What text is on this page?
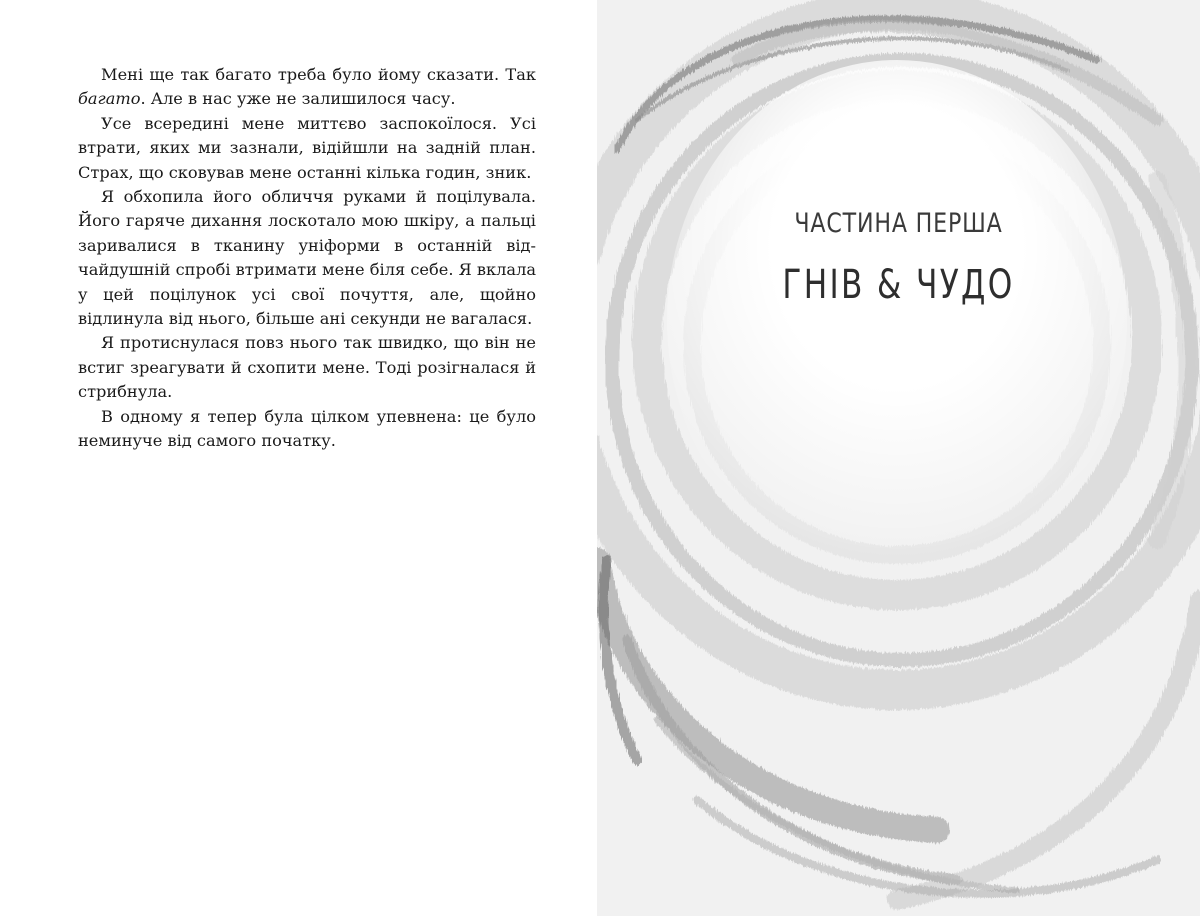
Мені ще так багато треба було йому сказати. Так багато. Але в нас уже не залишилося часу.

Усе всередині мене миттєво заспокоїлося. Усі втрати, яких ми зазнали, відійшли на задній план. Страх, що сковував мене останні кілька годин, зник.

Я обхопила його обличчя руками й поцілувала. Його гаряче дихання лоскотало мою шкіру, а пальці заривалися в тканину уніформи в останній відчайдушній спробі втримати мене біля себе. Я вклала у цей поцілунок усі свої почуття, але, щойно відлинула від нього, більше ані секунди не вагалася.

Я протиснулася повз нього так швидко, що він не встиг зреагувати й схопити мене. Тоді розігналася й стрибнула.

В одному я тепер була цілком упевнена: це було неминуче від самого початку.

ЧАСТИНА ПЕРША
ГНІВ & ЧУДО
